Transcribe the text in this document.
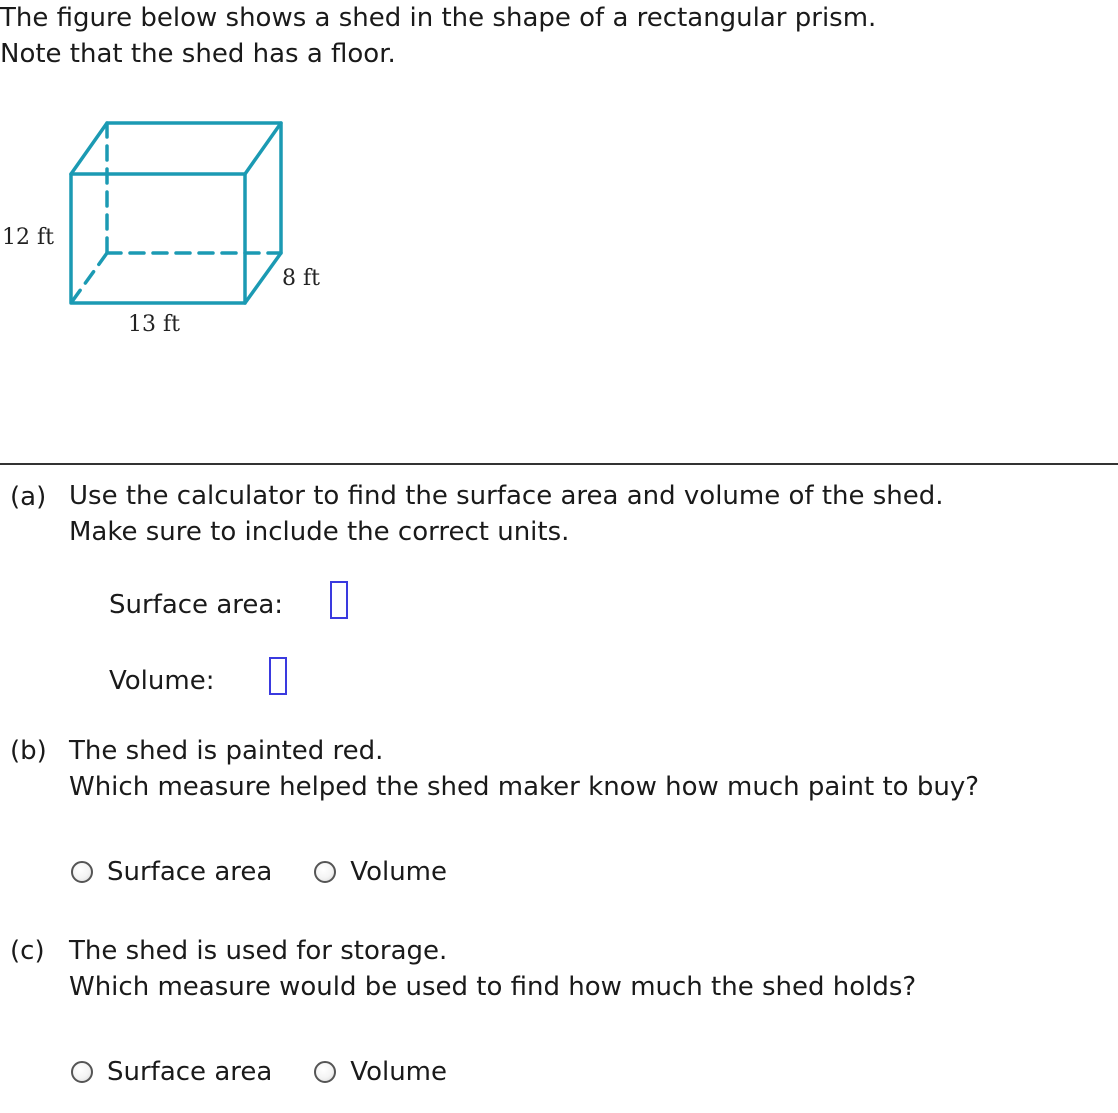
The figure below shows a shed in the shape of a rectangular prism.
Note that the shed has a floor.
12 ft
8 ft
13 ft
(a) Use the calculator to find the surface area and volume of the shed.
Make sure to include the correct units.
Surface area:
Volume:
(b) The shed is painted red.
Which measure helped the shed maker know how much paint to buy?
Surface area	Volume
(c) The shed is used for storage.
Which measure would be used to find how much the shed holds?
Surface area	Volume
